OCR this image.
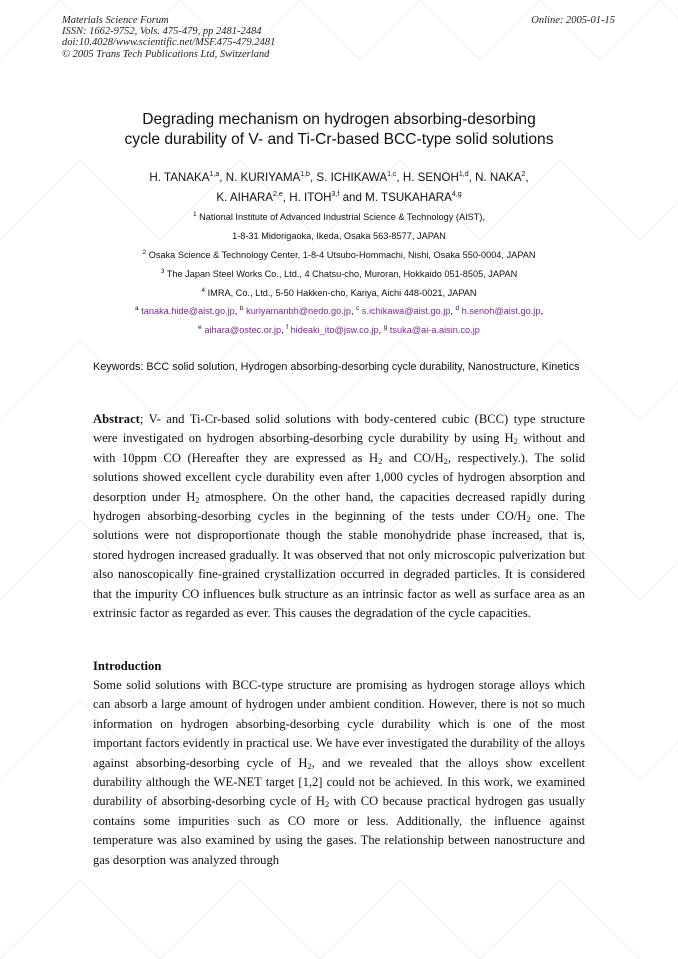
Materials Science Forum
ISSN: 1662-9752, Vols. 475-479, pp 2481-2484
doi:10.4028/www.scientific.net/MSF.475-479.2481
© 2005 Trans Tech Publications Ltd, Switzerland
Online: 2005-01-15
Degrading mechanism on hydrogen absorbing-desorbing
cycle durability of V- and Ti-Cr-based BCC-type solid solutions
H. TANAKA$^{1,a}$, N. KURIYAMA$^{1,b}$, S. ICHIKAWA$^{1,c}$, H. SENOH$^{1,d}$, N. NAKA$^2$,
K. AIHARA$^{2,e}$, H. ITOH$^{3,f}$ and M. TSUKAHARA$^{4,g}$
$^1$ National Institute of Advanced Industrial Science & Technology (AIST),
1-8-31 Midorigaoka, Ikeda, Osaka 563-8577, JAPAN
$^2$ Osaka Science & Technology Center, 1-8-4 Utsubo-Hommachi, Nishi, Osaka 550-0004, JAPAN
$^3$ The Japan Steel Works Co., Ltd., 4 Chatsu-cho, Muroran, Hokkaido 051-8505, JAPAN
$^4$ IMRA, Co., Ltd., 5-50 Hakken-cho, Kariya, Aichi 448-0021, JAPAN
$^a$ tanaka.hide@aist.go.jp, $^b$ kuriyamanbh@nedo.go.jp, $^c$ s.ichikawa@aist.go.jp, $^d$ h.senoh@aist.go.jp,
$^e$ aihara@ostec.or.jp, $^f$ hideaki_ito@jsw.co.jp, $^g$ tsuka@ai-a.aisin.co.jp
Keywords: BCC solid solution, Hydrogen absorbing-desorbing cycle durability, Nanostructure, Kinetics
Abstract; V- and Ti-Cr-based solid solutions with body-centered cubic (BCC) type structure were investigated on hydrogen absorbing-desorbing cycle durability by using $H_2$ without and with 10ppm CO (Hereafter they are expressed as $H_2$ and $CO/H_2$, respectively.). The solid solutions showed excellent cycle durability even after 1,000 cycles of hydrogen absorption and desorption under $H_2$ atmosphere. On the other hand, the capacities decreased rapidly during hydrogen absorbing-desorbing cycles in the beginning of the tests under $CO/H_2$ one. The solutions were not disproportionate though the stable monohydride phase increased, that is, stored hydrogen increased gradually. It was observed that not only microscopic pulverization but also nanoscopically fine-grained crystallization occurred in degraded particles. It is considered that the impurity CO influences bulk structure as an intrinsic factor as well as surface area as an extrinsic factor as regarded as ever. This causes the degradation of the cycle capacities.
Introduction
Some solid solutions with BCC-type structure are promising as hydrogen storage alloys which can absorb a large amount of hydrogen under ambient condition. However, there is not so much information on hydrogen absorbing-desorbing cycle durability which is one of the most important factors evidently in practical use. We have ever investigated the durability of the alloys against absorbing-desorbing cycle of $H_2$, and we revealed that the alloys show excellent durability although the WE-NET target [1,2] could not be achieved. In this work, we examined durability of absorbing-desorbing cycle of $H_2$ with CO because practical hydrogen gas usually contains some impurities such as CO more or less. Additionally, the influence against temperature was also examined by using the gases. The relationship between nanostructure and gas desorption was analyzed through
